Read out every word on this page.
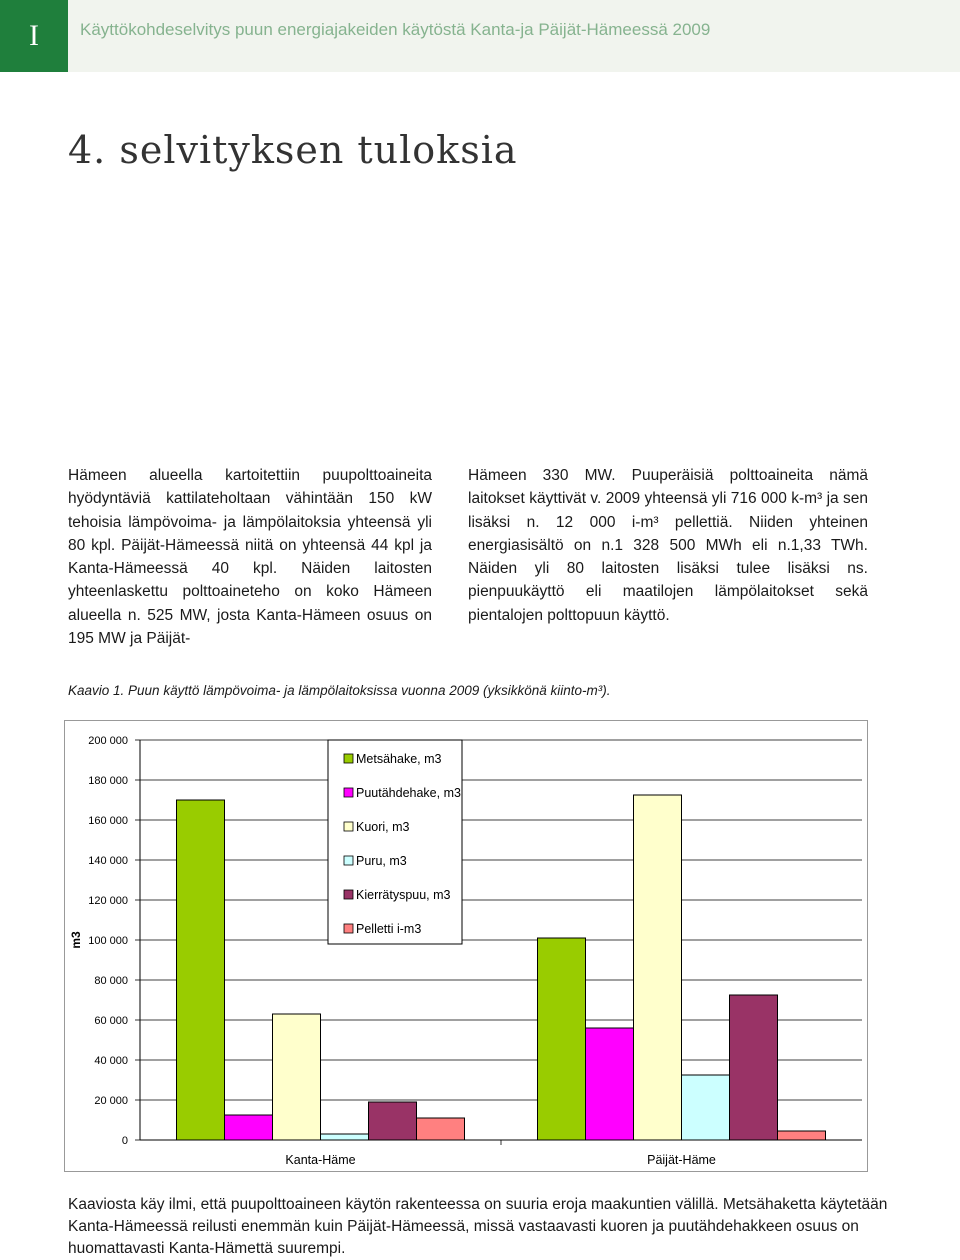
I	Käyttökohdeselvitys puun energiajakeiden käytöstä Kanta-ja Päijät-Hämeessä 2009
4. selvityksen tuloksia

Hämeen alueella kartoitettiin puupolttoaineita hyödyntäviä kattilateholtaan vähintään 150 kW tehoisia lämpövoima- ja lämpölaitoksia yhteensä yli 80 kpl. Päijät-Hämeessä niitä on yhteensä 44 kpl ja Kanta-Hämeessä 40 kpl. Näiden laitosten yhteenlaskettu polttoaineteho on koko Hämeen alueella n. 525 MW, josta Kanta-Hämeen osuus on 195 MW ja Päijät-

Hämeen 330 MW. Puuperäisiä polttoaineita nämä laitokset käyttivät v. 2009 yhteensä yli 716 000 k-m³ ja sen lisäksi n. 12 000 i-m³ pellettiä. Niiden yhteinen energiasisältö on n.1 328 500 MWh eli n.1,33 TWh. Näiden yli 80 laitosten lisäksi tulee lisäksi ns. pienpuukäyttö eli maatilojen lämpölaitokset sekä pientalojen polttopuun käyttö.

Kaavio 1. Puun käyttö lämpövoima- ja lämpölaitoksissa vuonna 2009 (yksikkönä kiinto-m³).
0
20 000
40 000
60 000
80 000
100 000
120 000
140 000
160 000
180 000
200 000
m3
Kanta-Häme	Päijät-Häme
Metsähake, m3
Puutähdehake, m3
Kuori, m3
Puru, m3
Kierrätyspuu, m3
Pelletti i-m3

Kaaviosta käy ilmi, että puupolttoaineen käytön rakenteessa on suuria eroja maakuntien välillä. Metsähaketta käytetään Kanta-Hämeessä reilusti enemmän kuin Päijät-Hämeessä, missä vastaavasti kuoren ja puutähdehakkeen osuus on huomattavasti Kanta-Hämettä suurempi.
